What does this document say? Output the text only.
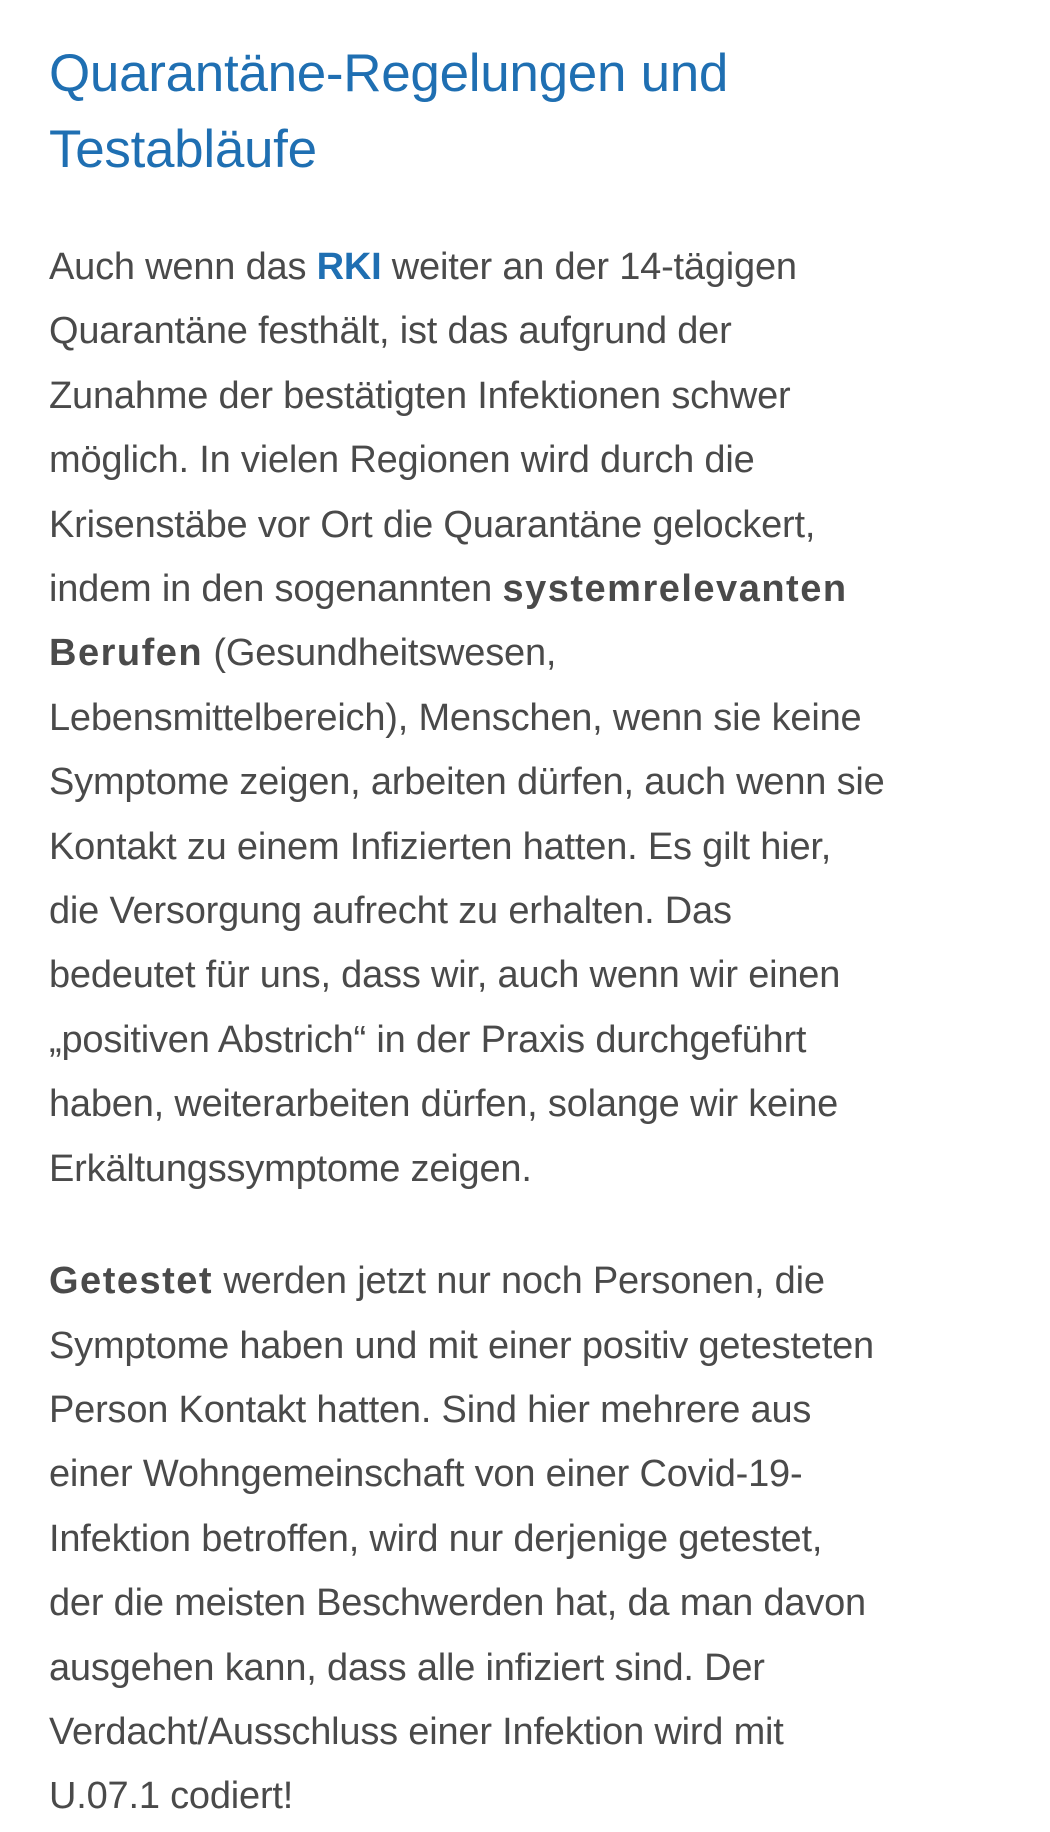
Quarantäne-Regelungen und
Testabläufe

Auch wenn das RKI weiter an der 14-tägigen
Quarantäne festhält, ist das aufgrund der
Zunahme der bestätigten Infektionen schwer
möglich. In vielen Regionen wird durch die
Krisenstäbe vor Ort die Quarantäne gelockert,
indem in den sogenannten systemrelevanten
Berufen (Gesundheitswesen,
Lebensmittelbereich), Menschen, wenn sie keine
Symptome zeigen, arbeiten dürfen, auch wenn sie
Kontakt zu einem Infizierten hatten. Es gilt hier,
die Versorgung aufrecht zu erhalten. Das
bedeutet für uns, dass wir, auch wenn wir einen
„positiven Abstrich“ in der Praxis durchgeführt
haben, weiterarbeiten dürfen, solange wir keine
Erkältungssymptome zeigen.

Getestet werden jetzt nur noch Personen, die
Symptome haben und mit einer positiv getesteten
Person Kontakt hatten. Sind hier mehrere aus
einer Wohngemeinschaft von einer Covid-19-
Infektion betroffen, wird nur derjenige getestet,
der die meisten Beschwerden hat, da man davon
ausgehen kann, dass alle infiziert sind. Der
Verdacht/Ausschluss einer Infektion wird mit
U.07.1 codiert!
